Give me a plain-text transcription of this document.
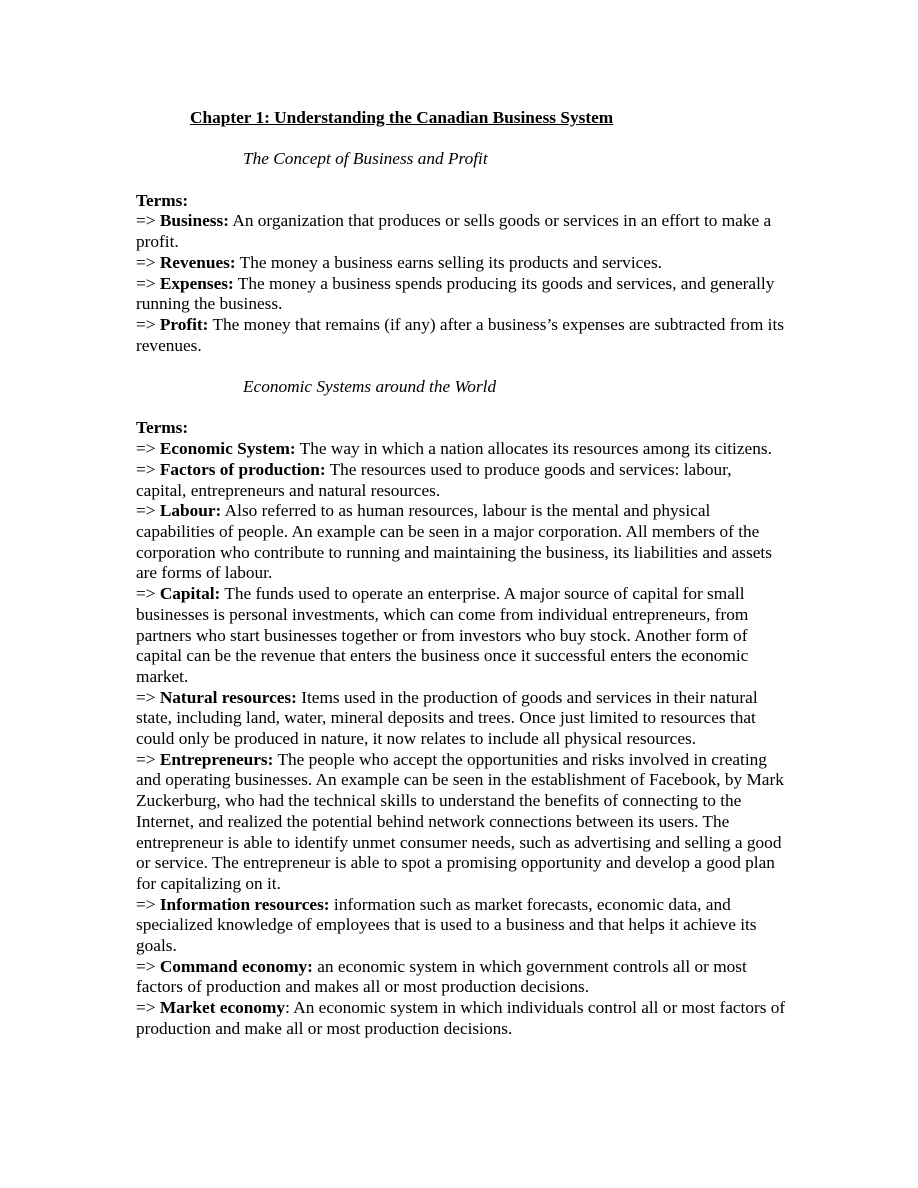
Chapter 1: Understanding the Canadian Business System

The Concept of Business and Profit

Terms:

=> Business: An organization that produces or sells goods or services in an effort to make a profit.

=> Revenues: The money a business earns selling its products and services.

=> Expenses: The money a business spends producing its goods and services, and generally running the business.

=> Profit: The money that remains (if any) after a business’s expenses are subtracted from its revenues.

Economic Systems around the World

Terms:

=> Economic System: The way in which a nation allocates its resources among its citizens.

=> Factors of production: The resources used to produce goods and services: labour, capital, entrepreneurs and natural resources.

=> Labour: Also referred to as human resources, labour is the mental and physical capabilities of people. An example can be seen in a major corporation. All members of the corporation who contribute to running and maintaining the business, its liabilities and assets are forms of labour.

=> Capital: The funds used to operate an enterprise. A major source of capital for small businesses is personal investments, which can come from individual entrepreneurs, from partners who start businesses together or from investors who buy stock. Another form of capital can be the revenue that enters the business once it successful enters the economic market.

=> Natural resources: Items used in the production of goods and services in their natural state, including land, water, mineral deposits and trees. Once just limited to resources that could only be produced in nature, it now relates to include all physical resources.

=> Entrepreneurs: The people who accept the opportunities and risks involved in creating and operating businesses. An example can be seen in the establishment of Facebook, by Mark Zuckerburg, who had the technical skills to understand the benefits of connecting to the Internet, and realized the potential behind network connections between its users. The entrepreneur is able to identify unmet consumer needs, such as advertising and selling a good or service. The entrepreneur is able to spot a promising opportunity and develop a good plan for capitalizing on it.

=> Information resources: information such as market forecasts, economic data, and specialized knowledge of employees that is used to a business and that helps it achieve its goals.

=> Command economy: an economic system in which government controls all or most factors of production and makes all or most production decisions.

=> Market economy: An economic system in which individuals control all or most factors of production and make all or most production decisions.
